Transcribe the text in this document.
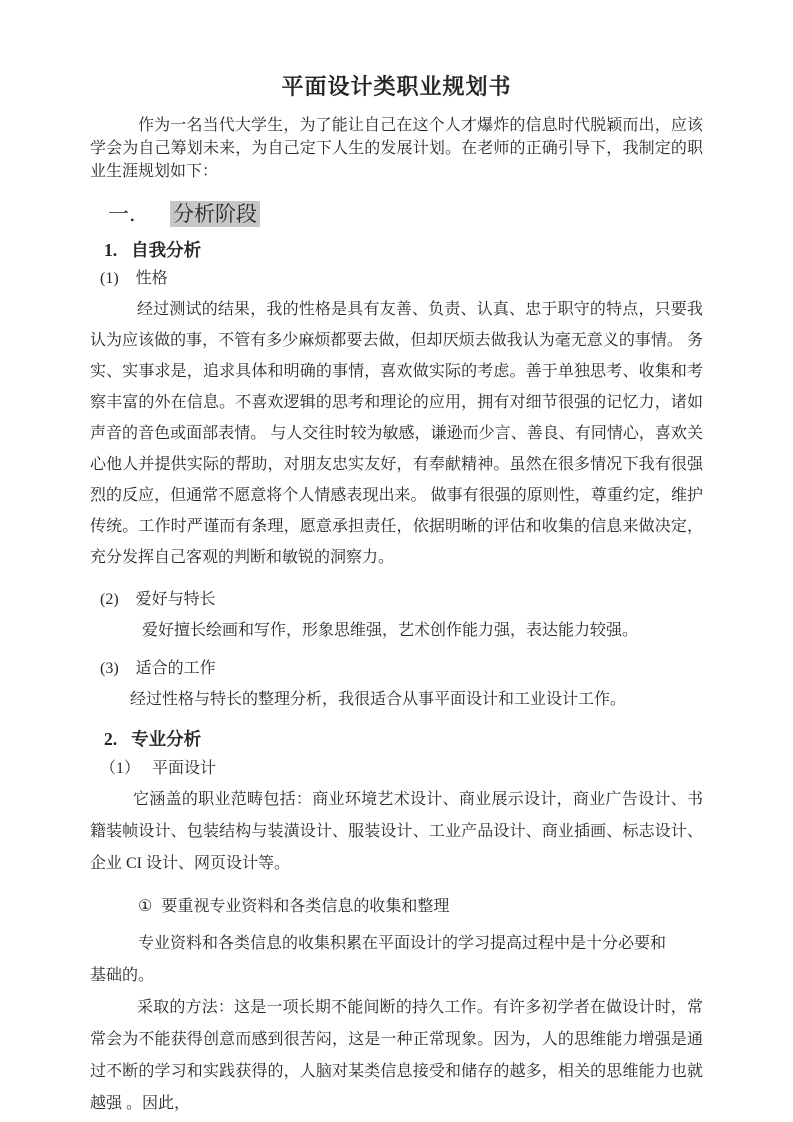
平面设计类职业规划书

作为一名当代大学生，为了能让自己在这个人才爆炸的信息时代脱颖而出，应该学会为自己筹划未来，为自己定下人生的发展计划。在老师的正确引导下，我制定的职业生涯规划如下：

一． 分析阶段
1. 自我分析
(1) 性格

经过测试的结果，我的性格是具有友善、负责、认真、忠于职守的特点，只要我认为应该做的事，不管有多少麻烦都要去做，但却厌烦去做我认为毫无意义的事情。 务实、实事求是，追求具体和明确的事情，喜欢做实际的考虑。善于单独思考、收集和考察丰富的外在信息。不喜欢逻辑的思考和理论的应用，拥有对细节很强的记忆力，诸如声音的音色或面部表情。 与人交往时较为敏感，谦逊而少言、善良、有同情心，喜欢关心他人并提供实际的帮助，对朋友忠实友好，有奉献精神。虽然在很多情况下我有很强烈的反应，但通常不愿意将个人情感表现出来。 做事有很强的原则性，尊重约定，维护传统。工作时严谨而有条理，愿意承担责任，依据明晰的评估和收集的信息来做决定，充分发挥自己客观的判断和敏锐的洞察力。

(2) 爱好与特长

爱好擅长绘画和写作，形象思维强，艺术创作能力强，表达能力较强。

(3) 适合的工作

经过性格与特长的整理分析，我很适合从事平面设计和工业设计工作。

2. 专业分析
（1） 平面设计

它涵盖的职业范畴包括：商业环境艺术设计、商业展示设计，商业广告设计、书籍装帧设计、包装结构与装潢设计、服装设计、工业产品设计、商业插画、标志设计、企业 CI 设计、网页设计等。

① 要重视专业资料和各类信息的收集和整理
专业资料和各类信息的收集积累在平面设计的学习提高过程中是十分必要和
基础的。

采取的方法：这是一项长期不能间断的持久工作。有许多初学者在做设计时，常常会为不能获得创意而感到很苦闷，这是一种正常现象。因为，人的思维能力增强是通过不断的学习和实践获得的，人脑对某类信息接受和储存的越多，相关的思维能力也就越强 。因此，
